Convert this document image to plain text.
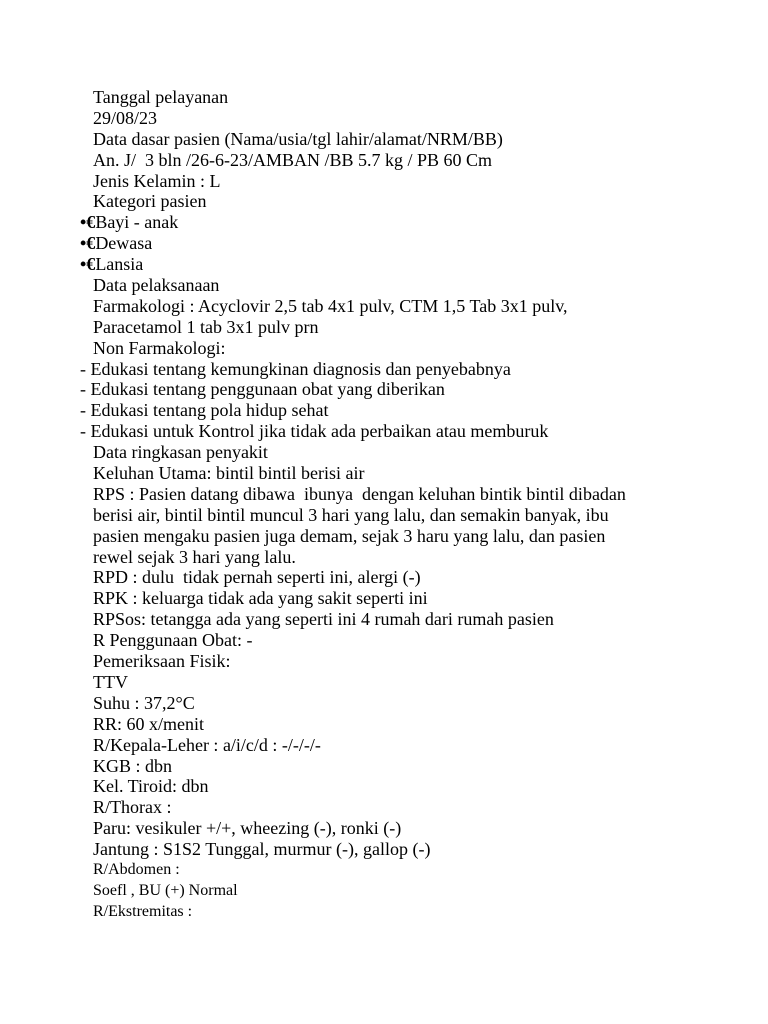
Tanggal pelayanan
29/08/23
Data dasar pasien (Nama/usia/tgl lahir/alamat/NRM/BB)
An. J/  3 bln /26-6-23/AMBAN /BB 5.7 kg / PB 60 Cm
Jenis Kelamin : L
Kategori pasien
•€Bayi - anak
•€Dewasa
•€Lansia
Data pelaksanaan
Farmakologi : Acyclovir 2,5 tab 4x1 pulv, CTM 1,5 Tab 3x1 pulv,
Paracetamol 1 tab 3x1 pulv prn
Non Farmakologi:
- Edukasi tentang kemungkinan diagnosis dan penyebabnya
- Edukasi tentang penggunaan obat yang diberikan
- Edukasi tentang pola hidup sehat
- Edukasi untuk Kontrol jika tidak ada perbaikan atau memburuk
Data ringkasan penyakit
Keluhan Utama: bintil bintil berisi air
RPS : Pasien datang dibawa  ibunya  dengan keluhan bintik bintil dibadan
berisi air, bintil bintil muncul 3 hari yang lalu, dan semakin banyak, ibu
pasien mengaku pasien juga demam, sejak 3 haru yang lalu, dan pasien
rewel sejak 3 hari yang lalu.
RPD : dulu  tidak pernah seperti ini, alergi (-)
RPK : keluarga tidak ada yang sakit seperti ini
RPSos: tetangga ada yang seperti ini 4 rumah dari rumah pasien
R Penggunaan Obat: -
Pemeriksaan Fisik:
TTV
Suhu : 37,2°C
RR: 60 x/menit
R/Kepala-Leher : a/i/c/d : -/-/-/-
KGB : dbn
Kel. Tiroid: dbn
R/Thorax :
Paru: vesikuler +/+, wheezing (-), ronki (-)
Jantung : S1S2 Tunggal, murmur (-), gallop (-)
R/Abdomen :
Soefl , BU (+) Normal
R/Ekstremitas :
